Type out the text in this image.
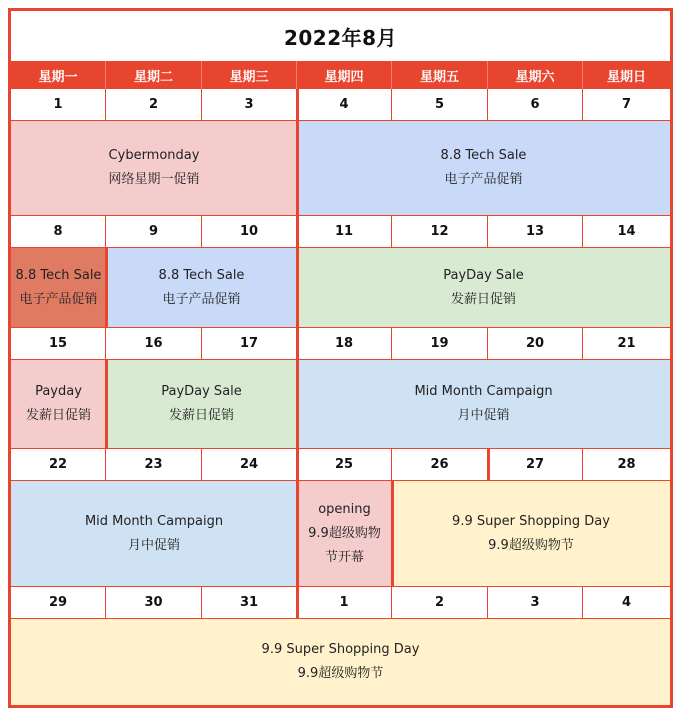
2022年8月
星期一	星期二	星期三	星期四	星期五	星期六	星期日
1	2	3	4	5	6	7
Cybermonday
网络星期一促销
8.8 Tech Sale
电子产品促销
8	9	10	11	12	13	14
8.8 Tech Sale
电子产品促销
8.8 Tech Sale
电子产品促销
PayDay Sale
发薪日促销
15	16	17	18	19	20	21
Payday
发薪日促销
PayDay Sale
发薪日促销
Mid Month Campaign
月中促销
22	23	24	25	26	27	28
Mid Month Campaign
月中促销
opening
9.9超级购物
节开幕
9.9 Super Shopping Day
9.9超级购物节
29	30	31	1	2	3	4
9.9 Super Shopping Day
9.9超级购物节
